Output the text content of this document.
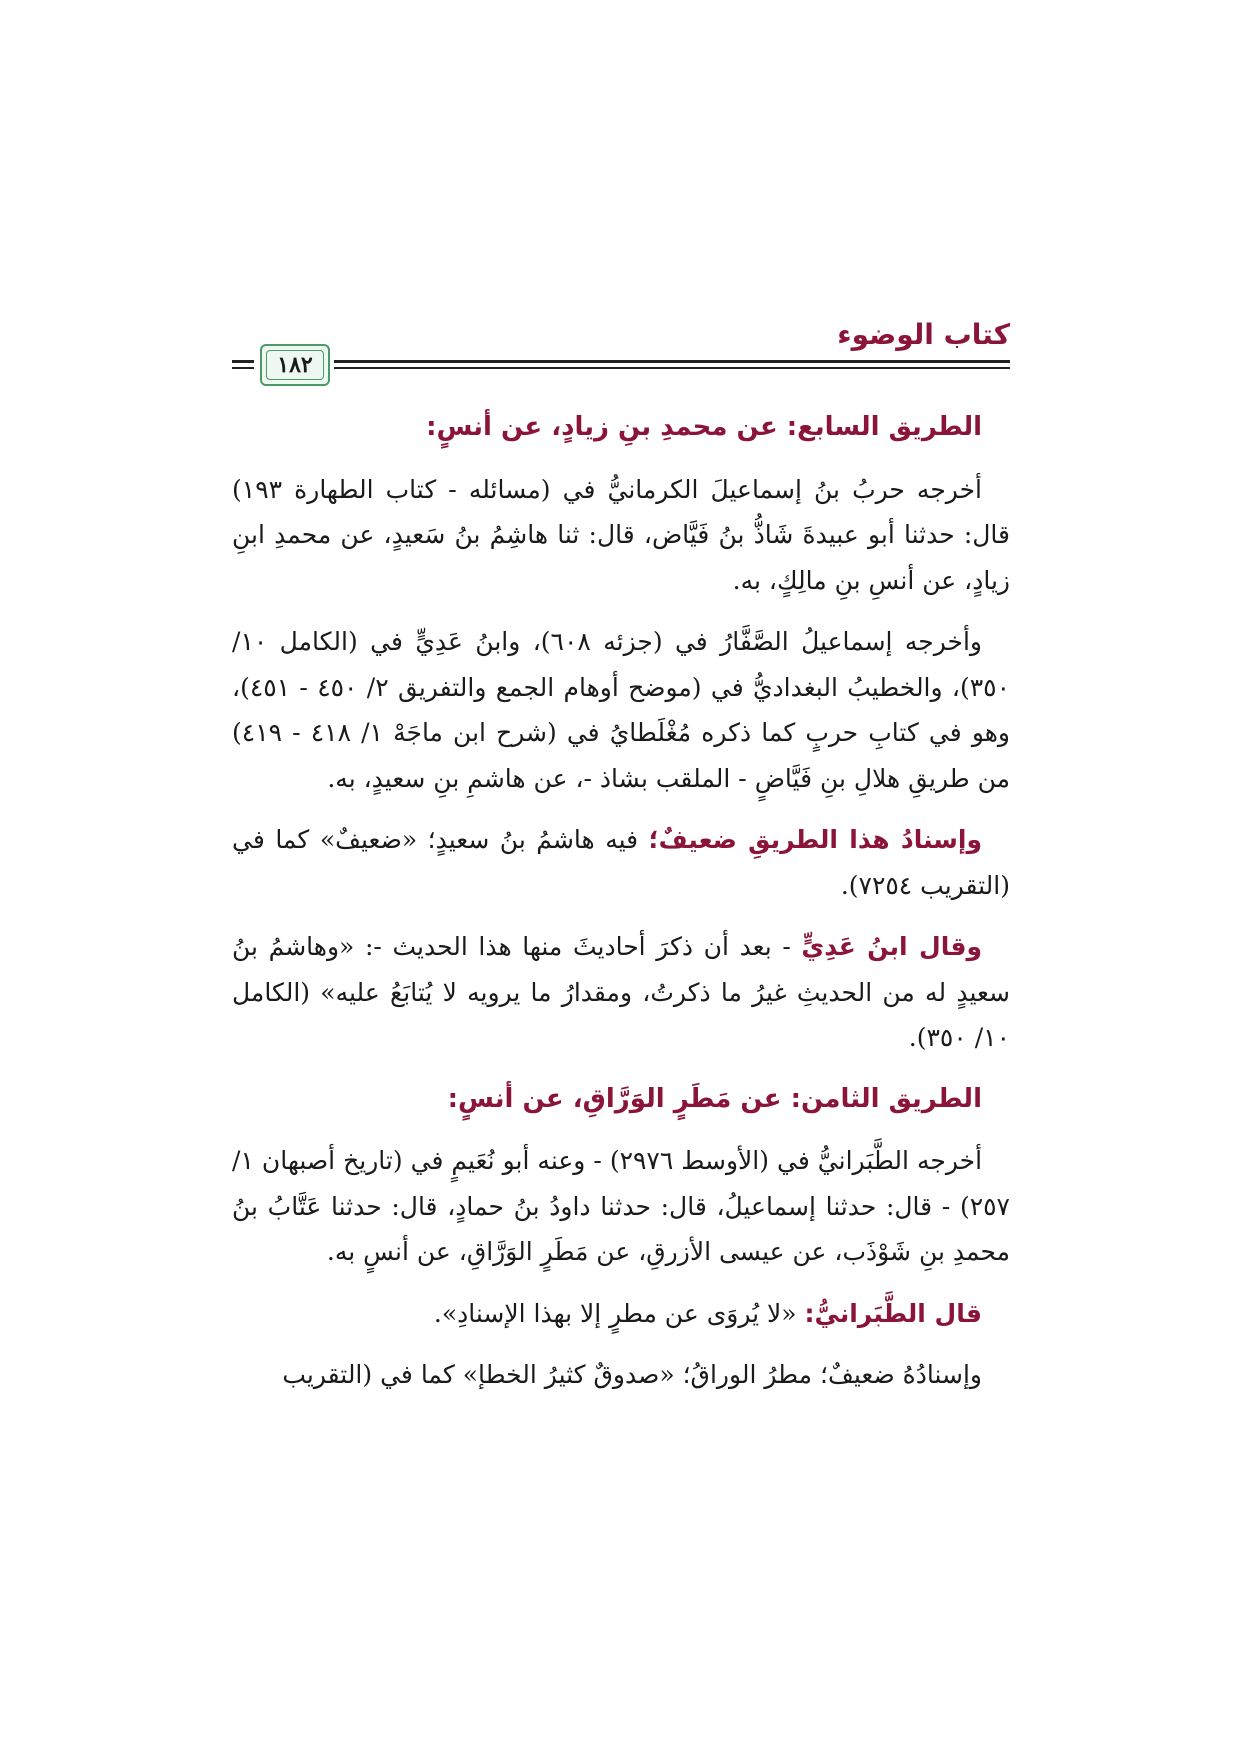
كتاب الوضوء
١٨٢

الطريق السابع: عن محمدِ بنِ زيادٍ، عن أنسٍ:

أخرجه حربُ بنُ إسماعيلَ الكرمانيُّ في (مسائله - كتاب الطهارة ١٩٣) قال: حدثنا أبو عبيدةَ شَاذُّ بنُ فَيَّاض، قال: ثنا هاشِمُ بنُ سَعيدٍ، عن محمدِ ابنِ زيادٍ، عن أنسِ بنِ مالِكٍ، به.

وأخرجه إسماعيلُ الصَّفَّارُ في (جزئه ٦٠٨)، وابنُ عَدِيٍّ في (الكامل ١٠/ ٣٥٠)، والخطيبُ البغداديُّ في (موضح أوهام الجمع والتفريق ٢/ ٤٥٠ - ٤٥١)، وهو في كتابِ حربٍ كما ذكره مُغْلَطايُ في (شرح ابن ماجَهْ ١/ ٤١٨ - ٤١٩) من طريقِ هلالِ بنِ فَيَّاضٍ - الملقب بشاذ -، عن هاشمِ بنِ سعيدٍ، به.

وإسنادُ هذا الطريقِ ضعيفٌ؛ فيه هاشمُ بنُ سعيدٍ؛ «ضعيفٌ» كما في (التقريب ٧٢٥٤).

وقال ابنُ عَدِيٍّ - بعد أن ذكرَ أحاديثَ منها هذا الحديث -: «وهاشمُ بنُ سعيدٍ له من الحديثِ غيرُ ما ذكرتُ، ومقدارُ ما يرويه لا يُتابَعُ عليه» (الكامل ١٠/ ٣٥٠).

الطريق الثامن: عن مَطَرٍ الوَرَّاقِ، عن أنسٍ:

أخرجه الطَّبَرانيُّ في (الأوسط ٢٩٧٦) - وعنه أبو نُعَيمٍ في (تاريخ أصبهان ١/ ٢٥٧) - قال: حدثنا إسماعيلُ، قال: حدثنا داودُ بنُ حمادٍ، قال: حدثنا عَتَّابُ بنُ محمدِ بنِ شَوْذَب، عن عيسى الأزرقِ، عن مَطَرٍ الوَرَّاقِ، عن أنسٍ به.

قال الطَّبَرانيُّ: «لا يُروَى عن مطرٍ إلا بهذا الإسنادِ».

وإسنادُهُ ضعيفٌ؛ مطرُ الوراقُ؛ «صدوقٌ كثيرُ الخطإ» كما في (التقريب
